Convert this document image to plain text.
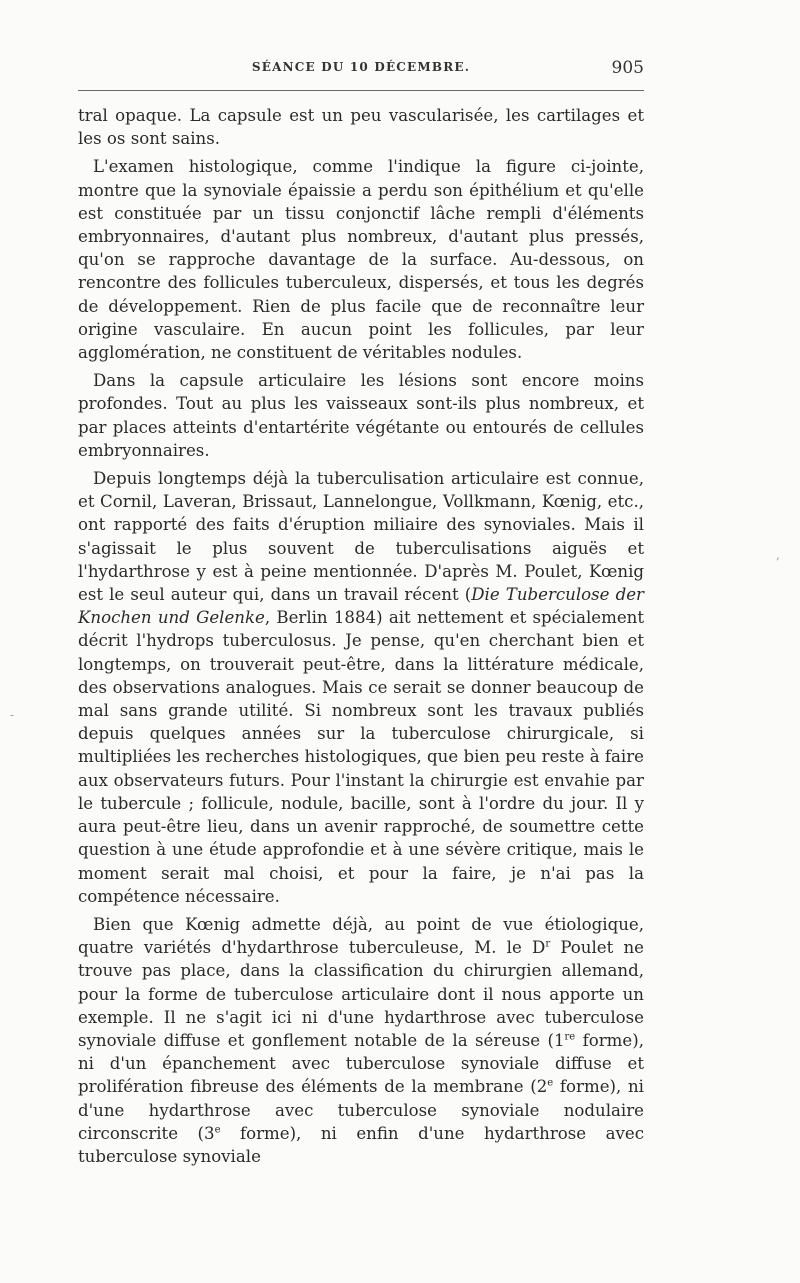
SÉANCE DU 10 DÉCEMBRE.	905

tral opaque. La capsule est un peu vascularisée, les cartilages et les os sont sains.

L'examen histologique, comme l'indique la figure ci-jointe, montre que la synoviale épaissie a perdu son épithélium et qu'elle est constituée par un tissu conjonctif lâche rempli d'éléments embryonnaires, d'autant plus nombreux, d'autant plus pressés, qu'on se rapproche davantage de la surface. Au-dessous, on rencontre des follicules tuberculeux, dispersés, et tous les degrés de développement. Rien de plus facile que de reconnaître leur origine vasculaire. En aucun point les follicules, par leur agglomération, ne constituent de véritables nodules.

Dans la capsule articulaire les lésions sont encore moins profondes. Tout au plus les vaisseaux sont-ils plus nombreux, et par places atteints d'entartérite végétante ou entourés de cellules embryonnaires.

Depuis longtemps déjà la tuberculisation articulaire est connue, et Cornil, Laveran, Brissaut, Lannelongue, Vollkmann, Kœnig, etc., ont rapporté des faits d'éruption miliaire des synoviales. Mais il s'agissait le plus souvent de tuberculisations aiguës et l'hydarthrose y est à peine mentionnée. D'après M. Poulet, Kœnig est le seul auteur qui, dans un travail récent (Die Tuberculose der Knochen und Gelenke, Berlin 1884) ait nettement et spécialement décrit l'hydrops tuberculosus. Je pense, qu'en cherchant bien et longtemps, on trouverait peut-être, dans la littérature médicale, des observations analogues. Mais ce serait se donner beaucoup de mal sans grande utilité. Si nombreux sont les travaux publiés depuis quelques années sur la tuberculose chirurgicale, si multipliées les recherches histologiques, que bien peu reste à faire aux observateurs futurs. Pour l'instant la chirurgie est envahie par le tubercule ; follicule, nodule, bacille, sont à l'ordre du jour. Il y aura peut-être lieu, dans un avenir rapproché, de soumettre cette question à une étude approfondie et à une sévère critique, mais le moment serait mal choisi, et pour la faire, je n'ai pas la compétence nécessaire.

Bien que Kœnig admette déjà, au point de vue étiologique, quatre variétés d'hydarthrose tuberculeuse, M. le $D^r$ Poulet ne trouve pas place, dans la classification du chirurgien allemand, pour la forme de tuberculose articulaire dont il nous apporte un exemple. Il ne s'agit ici ni d'une hydarthrose avec tuberculose synoviale diffuse et gonflement notable de la séreuse (1re forme), ni d'un épanchement avec tuberculose synoviale diffuse et prolifération fibreuse des éléments de la membrane (2e forme), ni d'une hydarthrose avec tuberculose synoviale nodulaire circonscrite (3e forme), ni enfin d'une hydarthrose avec tuberculose synoviale

,
-
